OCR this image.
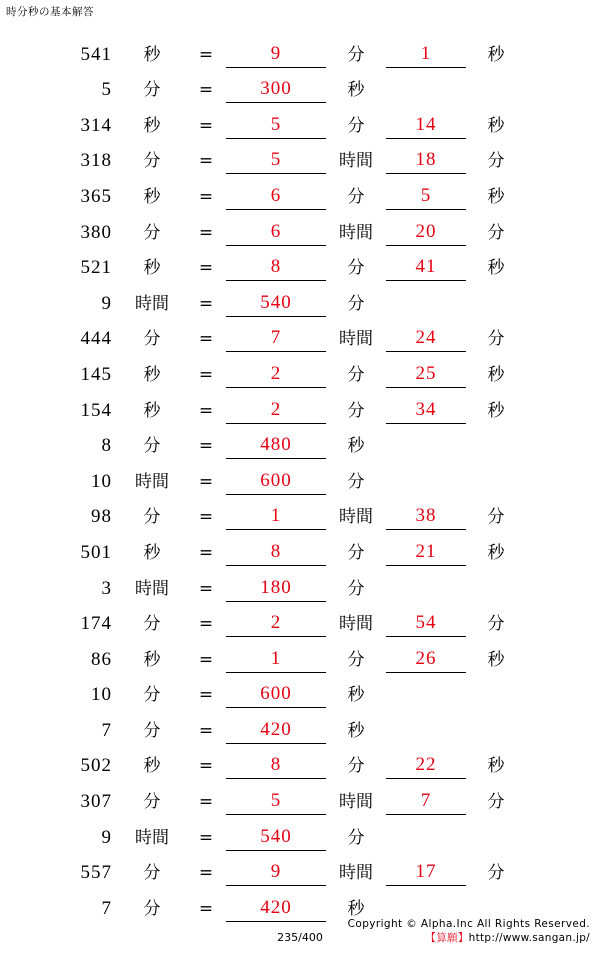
時分秒の基本解答
541	秒	=	9	分	1	秒
5	分	=	300	秒
314	秒	=	5	分	14	秒
318	分	=	5	時間	18	分
365	秒	=	6	分	5	秒
380	分	=	6	時間	20	分
521	秒	=	8	分	41	秒
9	時間	=	540	分
444	分	=	7	時間	24	分
145	秒	=	2	分	25	秒
154	秒	=	2	分	34	秒
8	分	=	480	秒
10	時間	=	600	分
98	分	=	1	時間	38	分
501	秒	=	8	分	21	秒
3	時間	=	180	分
174	分	=	2	時間	54	分
86	秒	=	1	分	26	秒
10	分	=	600	秒
7	分	=	420	秒
502	秒	=	8	分	22	秒
307	分	=	5	時間	7	分
9	時間	=	540	分
557	分	=	9	時間	17	分
7	分	=	420	秒
235/400
Copyright © Alpha.Inc All Rights Reserved.
【算願】http://www.sangan.jp/
